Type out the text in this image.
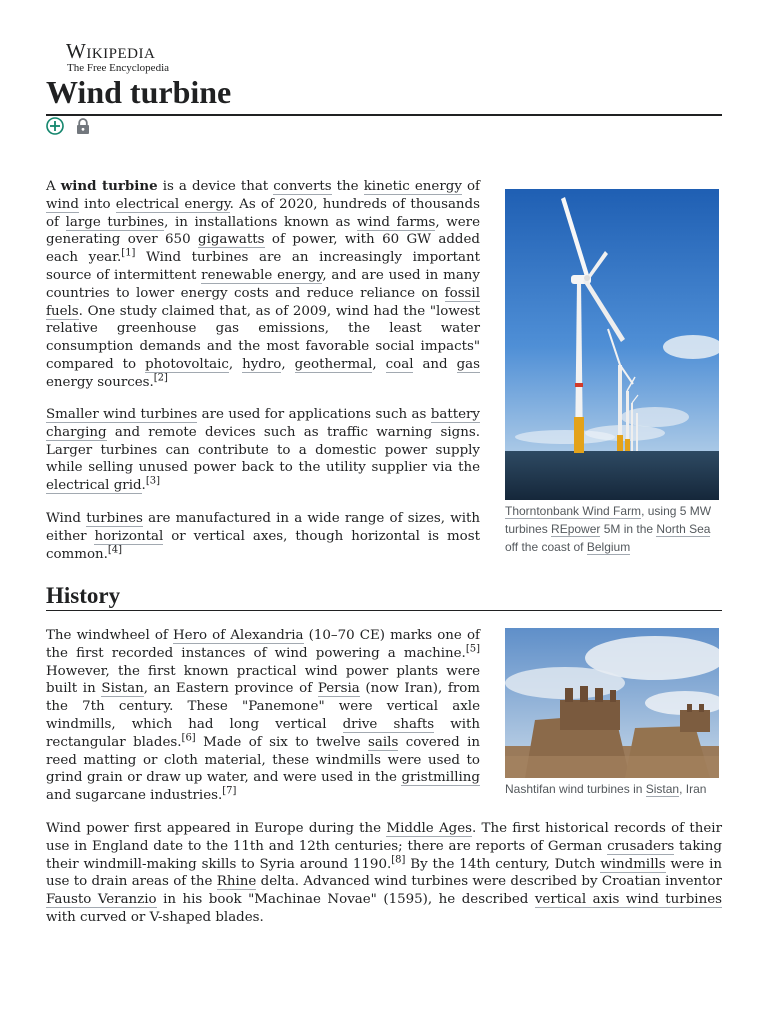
Wikipedia
The Free Encyclopedia
Wind turbine

A wind turbine is a device that converts the kinetic energy of wind into electrical energy. As of 2020, hundreds of thousands of large turbines, in installations known as wind farms, were generating over 650 gigawatts of power, with 60 GW added each year.[1] Wind turbines are an increasingly important source of intermittent renewable energy, and are used in many countries to lower energy costs and reduce reliance on fossil fuels. One study claimed that, as of 2009, wind had the "lowest relative greenhouse gas emissions, the least water consumption demands and the most favorable social impacts" compared to photovoltaic, hydro, geothermal, coal and gas energy sources.[2]

Smaller wind turbines are used for applications such as battery charging and remote devices such as traffic warning signs. Larger turbines can contribute to a domestic power supply while selling unused power back to the utility supplier via the electrical grid.[3]

Wind turbines are manufactured in a wide range of sizes, with either horizontal or vertical axes, though horizontal is most common.[4]

Thorntonbank Wind Farm, using 5 MW turbines REpower 5M in the North Sea off the coast of Belgium
History

The windwheel of Hero of Alexandria (10–70 CE) marks one of the first recorded instances of wind powering a machine.[5] However, the first known practical wind power plants were built in Sistan, an Eastern province of Persia (now Iran), from the 7th century. These "Panemone" were vertical axle windmills, which had long vertical drive shafts with rectangular blades.[6] Made of six to twelve sails covered in reed matting or cloth material, these windmills were used to grind grain or draw up water, and were used in the gristmilling and sugarcane industries.[7]	Nashtifan wind turbines in Sistan, Iran

Wind power first appeared in Europe during the Middle Ages. The first historical records of their use in England date to the 11th and 12th centuries; there are reports of German crusaders taking their windmill-making skills to Syria around 1190.[8] By the 14th century, Dutch windmills were in use to drain areas of the Rhine delta. Advanced wind turbines were described by Croatian inventor Fausto Veranzio in his book "Machinae Novae" (1595), he described vertical axis wind turbines with curved or V-shaped blades.
